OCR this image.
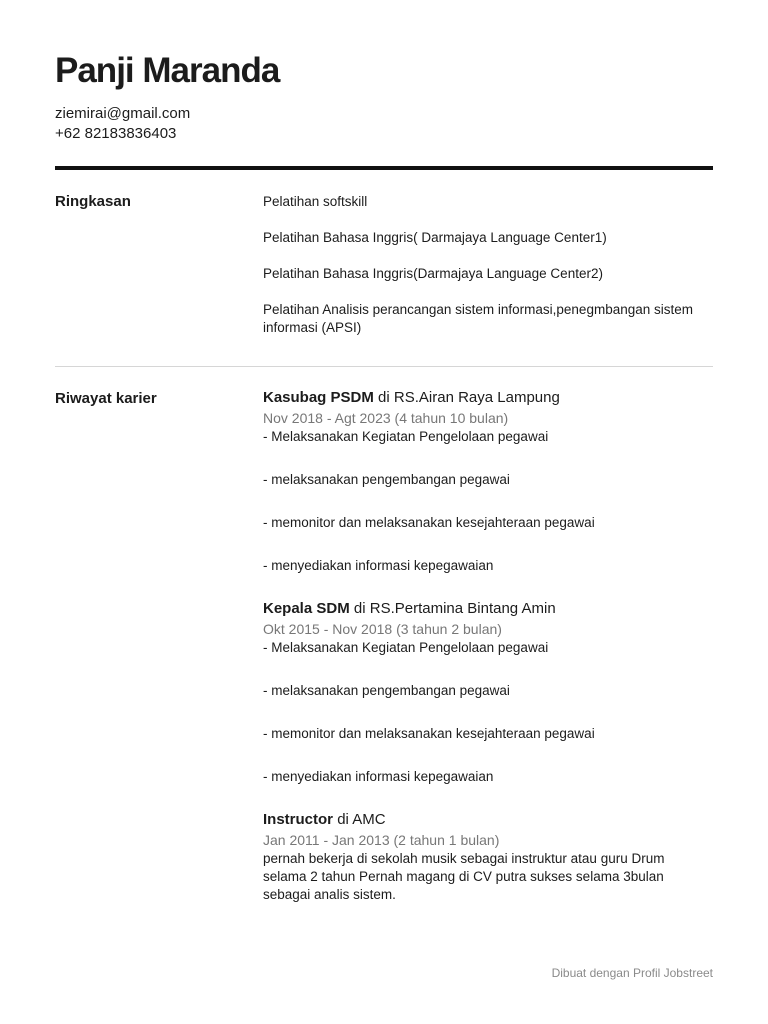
Panji Maranda
ziemirai@gmail.com
+62 82183836403
Ringkasan	Pelatihan softskill

Pelatihan Bahasa Inggris( Darmajaya Language Center1)

Pelatihan Bahasa Inggris(Darmajaya Language Center2)

Pelatihan Analisis perancangan sistem informasi,penegmbangan sistem informasi (APSI)

Riwayat karier	Kasubag PSDM di RS.Airan Raya Lampung
Nov 2018 - Agt 2023 (4 tahun 10 bulan)

- Melaksanakan Kegiatan Pengelolaan pegawai

- melaksanakan pengembangan pegawai

- memonitor dan melaksanakan kesejahteraan pegawai

- menyediakan informasi kepegawaian

Kepala SDM di RS.Pertamina Bintang Amin
Okt 2015 - Nov 2018 (3 tahun 2 bulan)

- Melaksanakan Kegiatan Pengelolaan pegawai

- melaksanakan pengembangan pegawai

- memonitor dan melaksanakan kesejahteraan pegawai

- menyediakan informasi kepegawaian

Instructor di AMC
Jan 2011 - Jan 2013 (2 tahun 1 bulan)

pernah bekerja di sekolah musik sebagai instruktur atau guru Drum selama 2 tahun Pernah magang di CV putra sukses selama 3bulan sebagai analis sistem.

Dibuat dengan Profil Jobstreet
